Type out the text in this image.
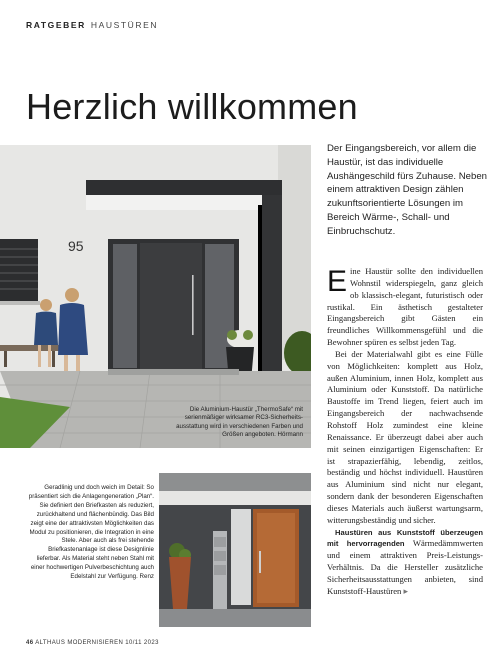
RATGEBER HAUSTÜREN
Herzlich willkommen
95
Die Aluminium-Haustür „ThermoSafe“ mit serienmäßiger wirksamer RC3-Sicherheits-ausstattung wird in verschiedenen Farben und Größen angeboten. Hörmann
Der Eingangsbereich, vor allem die Haustür, ist das individuelle Aushängeschild fürs Zuhause. Neben einem attraktiven Design zählen zukunftsorientierte Lösungen im Bereich Wärme-, Schall- und Einbruchschutz.

Eine Haustür sollte den individuellen Wohnstil widerspiegeln, ganz gleich ob klassisch-elegant, futuristisch oder rustikal. Ein ästhetisch gestalteter Eingangsbereich gibt Gästen ein freundliches Willkommensgefühl und die Bewohner spüren es selbst jeden Tag.

Bei der Materialwahl gibt es eine Fülle von Möglichkeiten: komplett aus Holz, außen Aluminium, innen Holz, komplett aus Aluminium oder Kunststoff. Da natürliche Baustoffe im Trend liegen, feiert auch im Eingangsbereich der nachwachsende Rohstoff Holz zumindest eine kleine Renaissance. Er überzeugt dabei aber auch mit seinen einzigartigen Eigenschaften: Er ist strapazierfähig, lebendig, zeitlos, beständig und höchst individuell. Haustüren aus Aluminium sind nicht nur elegant, sondern dank der besonderen Eigenschaften dieses Materials auch äußerst wartungsarm, witterungsbeständig und sicher.

Haustüren aus Kunststoff überzeugen mit hervorragenden Wärmedämmwerten und einem attraktiven Preis-Leistungs-Verhältnis. Da die Hersteller zusätzliche Sicherheitsausstattungen anbieten, sind Kunststoff-Haustüren ▸

Geradlinig und doch weich im Detail: So präsentiert sich die Anlagengeneration „Plan“. Sie definiert den Briefkasten als reduziert, zurückhaltend und flächenbündig. Das Bild zeigt eine der attraktivsten Möglichkeiten das Modul zu positionieren, die Integration in eine Stele. Aber auch als frei stehende Briefkastenanlage ist diese Designlinie lieferbar. Als Material steht neben Stahl mit einer hochwertigen Pulverbeschichtung auch Edelstahl zur Verfügung. Renz
46 ALTHAUS MODERNISIEREN 10/11 2023
